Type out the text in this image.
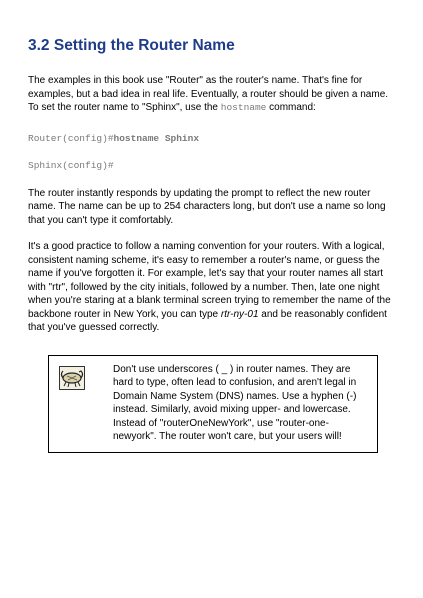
3.2 Setting the Router Name

The examples in this book use "Router" as the router's name. That's fine for examples, but a bad idea in real life. Eventually, a router should be given a name. To set the router name to "Sphinx", use the hostname command:

Router(config)#hostname Sphinx

Sphinx(config)#

The router instantly responds by updating the prompt to reflect the new router name. The name can be up to 254 characters long, but don't use a name so long that you can't type it comfortably.

It's a good practice to follow a naming convention for your routers. With a logical, consistent naming scheme, it's easy to remember a router's name, or guess the name if you've forgotten it. For example, let's say that your router names all start with "rtr", followed by the city initials, followed by a number. Then, late one night when you're staring at a blank terminal screen trying to remember the name of the backbone router in New York, you can type rtr-ny-01 and be reasonably confident that you've guessed correctly.

Don't use underscores ( _ ) in router names. They are hard to type, often lead to confusion, and aren't legal in Domain Name System (DNS) names. Use a hyphen (-) instead. Similarly, avoid mixing upper- and lowercase. Instead of "routerOneNewYork", use "router-one-newyork". The router won't care, but your users will!
